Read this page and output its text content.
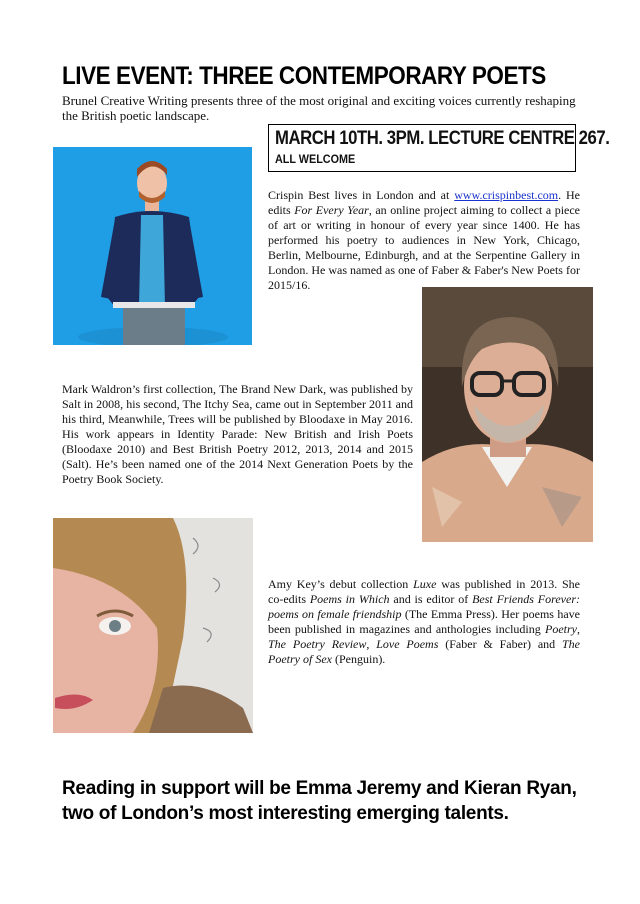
LIVE EVENT: THREE CONTEMPORARY POETS

Brunel Creative Writing presents three of the most original and exciting voices currently reshaping the British poetic landscape.

MARCH 10TH. 3PM. LECTURE CENTRE 267.
ALL WELCOME

Crispin Best lives in London and at www.crispinbest.com. He edits For Every Year, an online project aiming to collect a piece of art or writing in honour of every year since 1400. He has performed his poetry to audiences in New York, Chicago, Berlin, Melbourne, Edinburgh, and at the Serpentine Gallery in London. He was named as one of Faber & Faber's New Poets for 2015/16.

Mark Waldron’s first collection, The Brand New Dark, was published by Salt in 2008, his second, The Itchy Sea, came out in September 2011 and his third, Meanwhile, Trees will be published by Bloodaxe in May 2016. His work appears in Identity Parade: New British and Irish Poets (Bloodaxe 2010) and Best British Poetry 2012, 2013, 2014 and 2015 (Salt). He’s been named one of the 2014 Next Generation Poets by the Poetry Book Society.

Amy Key’s debut collection Luxe was published in 2013. She co-edits Poems in Which and is editor of Best Friends Forever: poems on female friendship (The Emma Press). Her poems have been published in magazines and anthologies including Poetry, The Poetry Review, Love Poems (Faber & Faber) and The Poetry of Sex (Penguin).

Reading in support will be Emma Jeremy and Kieran Ryan, two of London’s most interesting emerging talents.
